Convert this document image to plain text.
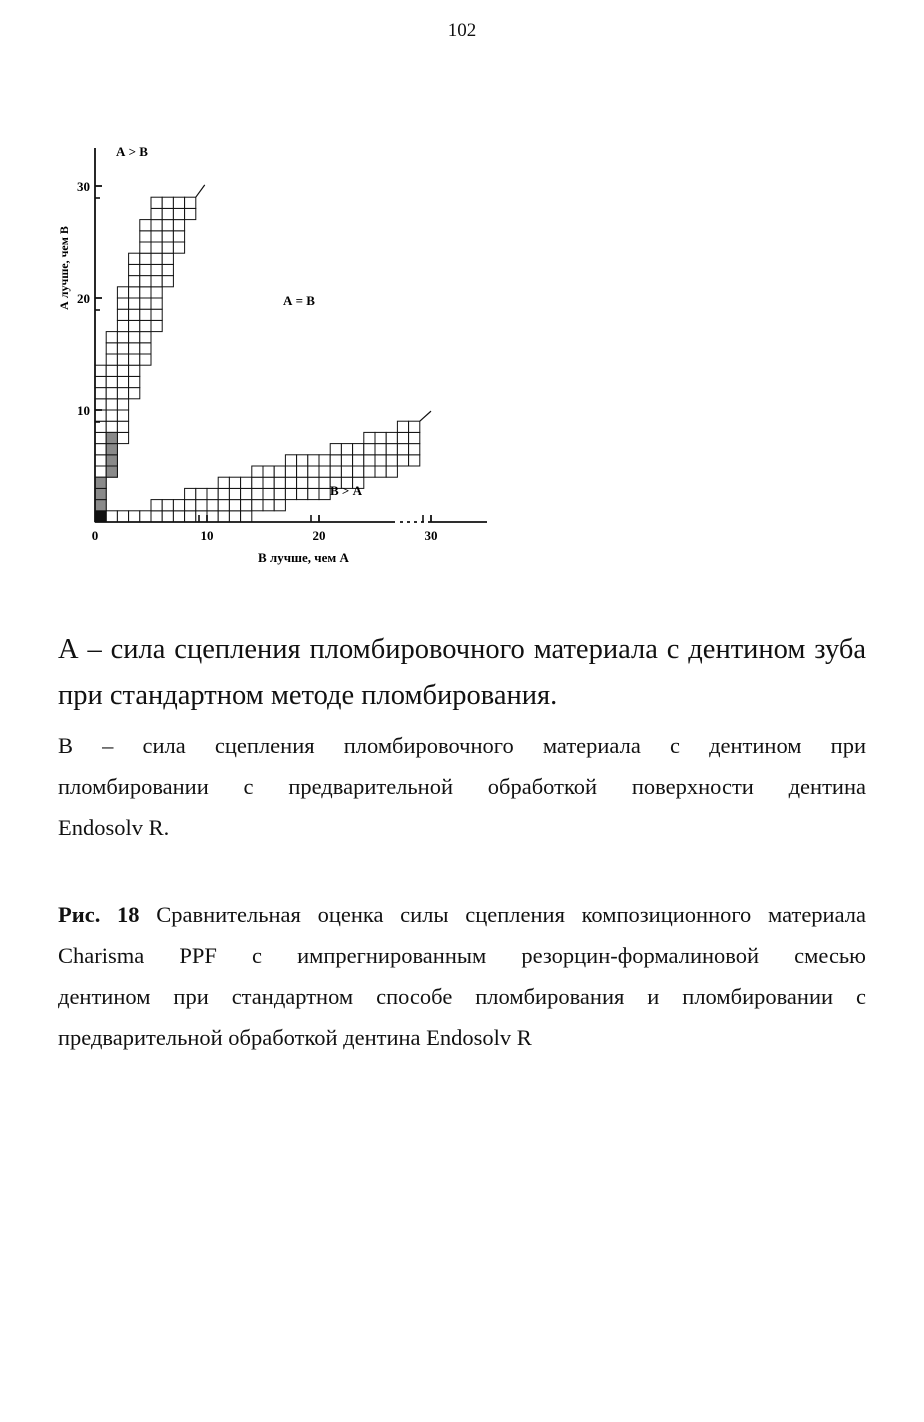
102
10
20
30
0	10	20	30
А > В
А = В
В > А
В лучше, чем А
А лучше, чем В
А – сила сцепления пломбировочного материала с дентином зуба
при стандартном методе пломбирования.
В – сила сцепления пломбировочного материала с дентином при
пломбировании с предварительной обработкой поверхности дентина
Endosolv R.
Рис. 18 Сравнительная оценка силы сцепления композиционного материала
Charisma PPF с импрегнированным резорцин-формалиновой смесью
дентином при стандартном способе пломбирования и пломбировании с
предварительной обработкой дентина Endosolv R
